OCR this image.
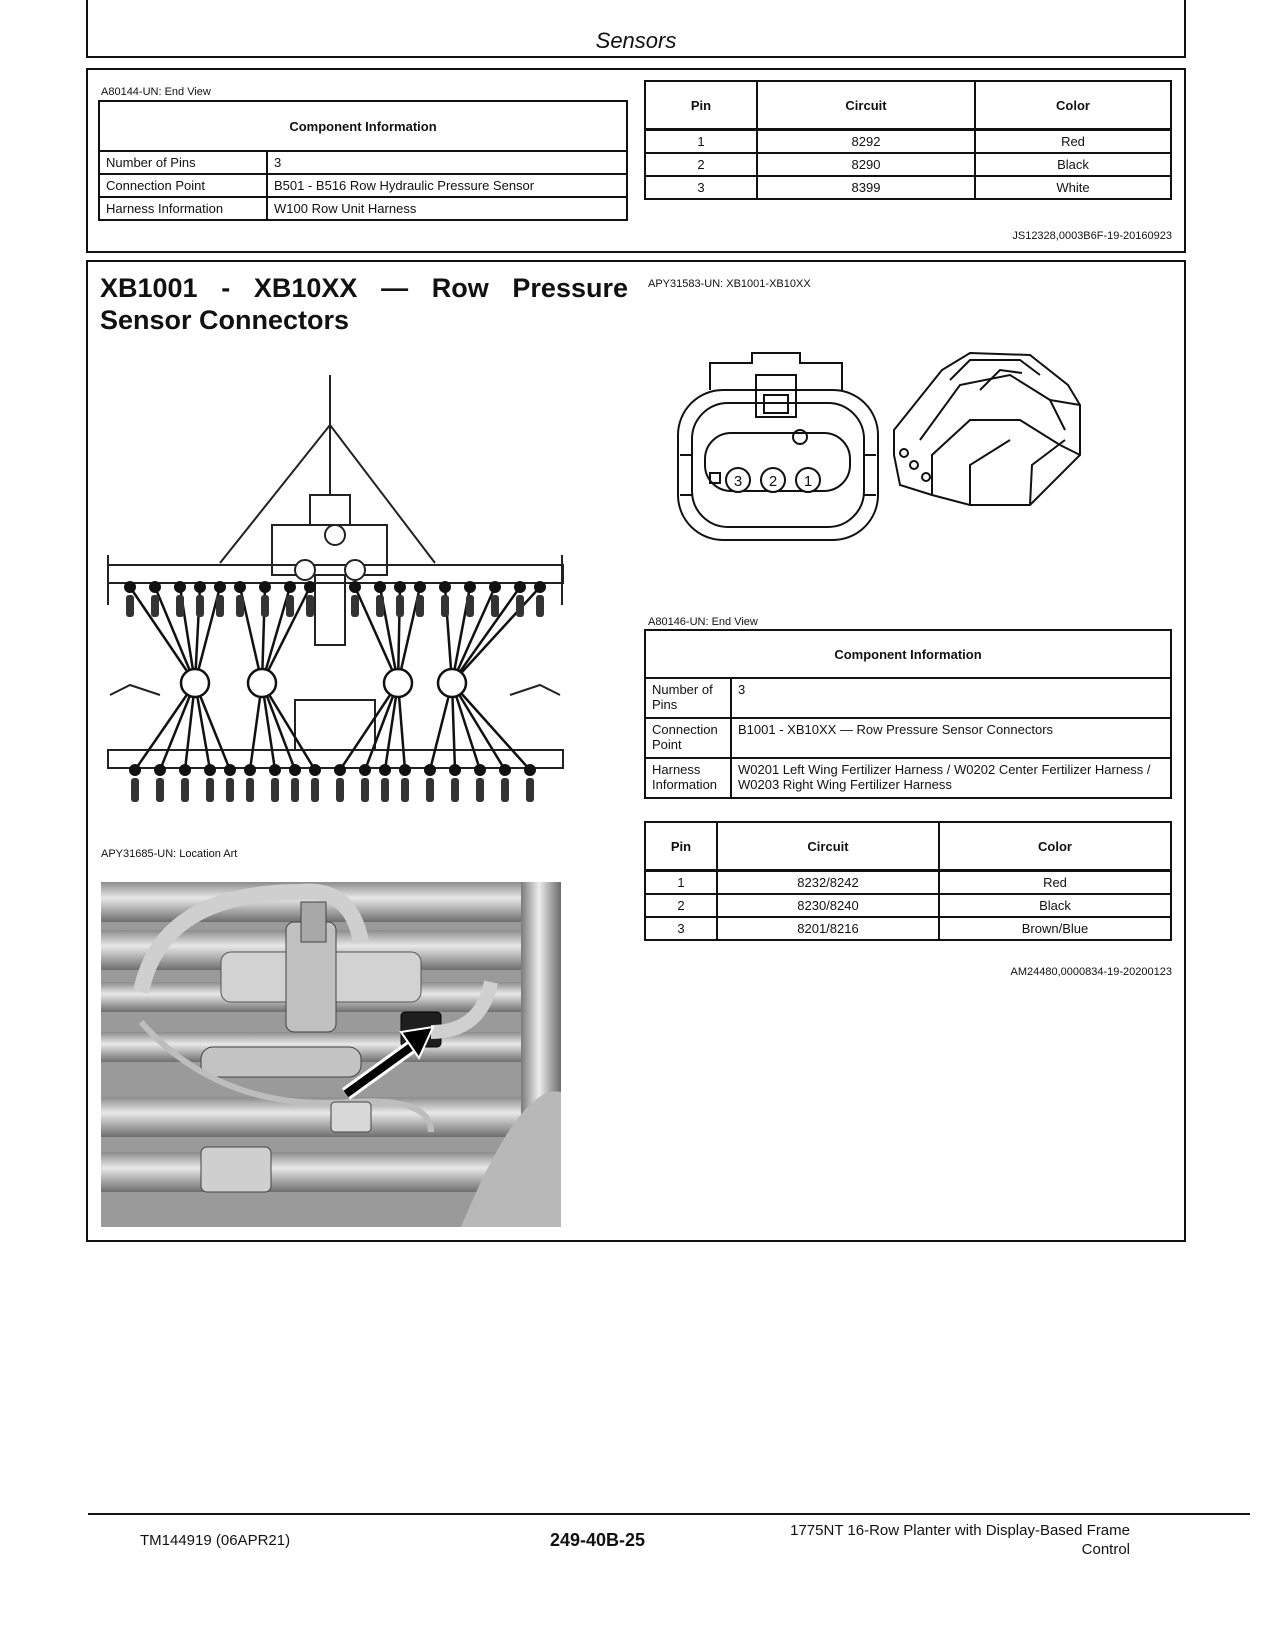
Sensors
A80144-UN: End View
Component Information	
Number of Pins	3
Connection Point	B501 - B516 Row Hydraulic Pressure Sensor
Harness Information	W100 Row Unit Harness
Pin	Circuit	Color
1	8292	Red
2	8290	Black
3	8399	White
JS12328,0003B6F-19-20160923
XB1001 - XB10XX — Row Pressure
Sensor Connectors
APY31583-UN: XB1001-XB10XX
3 2 1
APY31685-UN: Location Art
A80146-UN: End View
Component Information	
Number of Pins	3
Connection Point	B1001 - XB10XX — Row Pressure Sensor Connectors
Harness Information	W0201 Left Wing Fertilizer Harness / W0202 Center Fertilizer Harness / W0203 Right Wing Fertilizer Harness
Pin	Circuit	Color
1	8232/8242	Red
2	8230/8240	Black
3	8201/8216	Brown/Blue
AM24480,0000834-19-20200123
TM144919 (06APR21)	249-40B-25	1775NT 16-Row Planter with Display-Based Frame
Control
